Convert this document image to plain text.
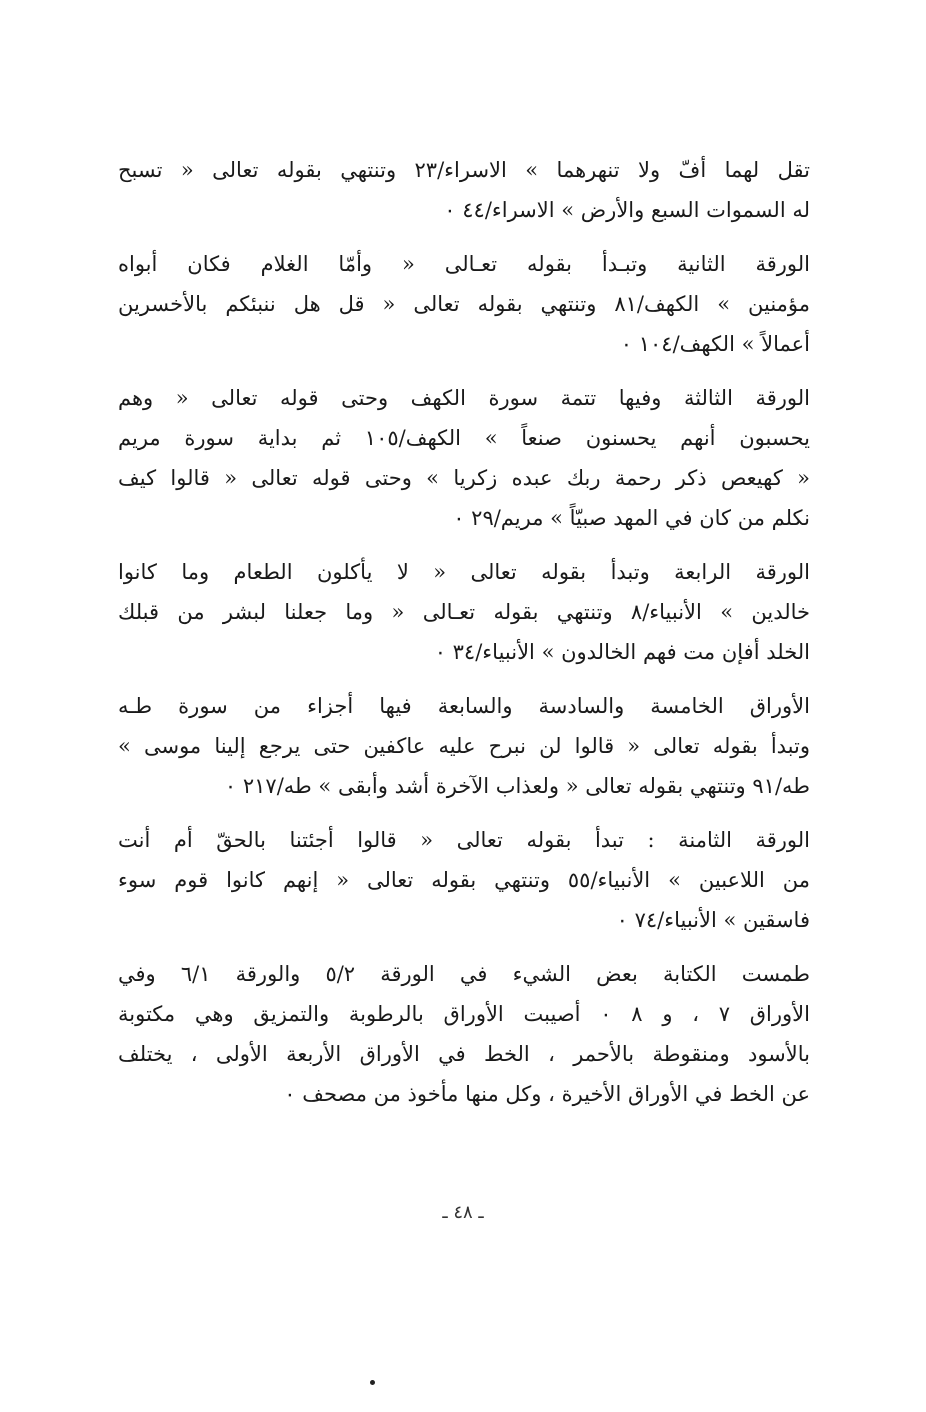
تقل لهما أفّ ولا تنهرهما » الاسراء/٢٣ وتنتهي بقوله تعالى « تسبح
له السموات السبع والأرض » الاسراء/٤٤ ٠
الورقة الثانية وتبـدأ بقوله تعـالى « وأمّا الغلام فكان أبواه
مؤمنين » الكهف/٨١ وتنتهي بقوله تعالى « قل هل ننبئكم بالأخسرين
أعمالاً » الكهف/١٠٤ ٠
الورقة الثالثة وفيها تتمة سورة الكهف وحتى قوله تعالى « وهم
يحسبون أنهم يحسنون صنعاً » الكهف/١٠٥ ثم بداية سورة مريم
« كهيعص ذكر رحمة ربك عبده زكريا » وحتى قوله تعالى « قالوا كيف
نكلم من كان في المهد صبيّاً » مريم/٢٩ ٠
الورقة الرابعة وتبدأ بقوله تعالى « لا يأكلون الطعام وما كانوا
خالدين » الأنبياء/٨ وتنتهي بقوله تعـالى « وما جعلنا لبشر من قبلك
الخلد أفإن مت فهم الخالدون » الأنبياء/٣٤ ٠
الأوراق الخامسة والسادسة والسابعة فيها أجزاء من سورة طـه
وتبدأ بقوله تعالى « قالوا لن نبرح عليه عاكفين حتى يرجع إلينا موسى »
طه/٩١ وتنتهي بقوله تعالى « ولعذاب الآخرة أشد وأبقى » طه/٢١٧ ٠
الورقة الثامنة : تبدأ بقوله تعالى « قالوا أجئتنا بالحقّ أم أنت
من اللاعبين » الأنبياء/٥٥ وتنتهي بقوله تعالى « إنهم كانوا قوم سوء
فاسقين » الأنبياء/٧٤ ٠
طمست الكتابة بعض الشيء في الورقة ٥/٢ والورقة ٦/١ وفي
الأوراق ٧ ، و ٨ ٠ أصيبت الأوراق بالرطوبة والتمزيق وهي مكتوبة
بالأسود ومنقوطة بالأحمر ، الخط في الأوراق الأربعة الأولى ، يختلف
عن الخط في الأوراق الأخيرة ، وكل منها مأخوذ من مصحف ٠
ـ ٤٨ ـ
